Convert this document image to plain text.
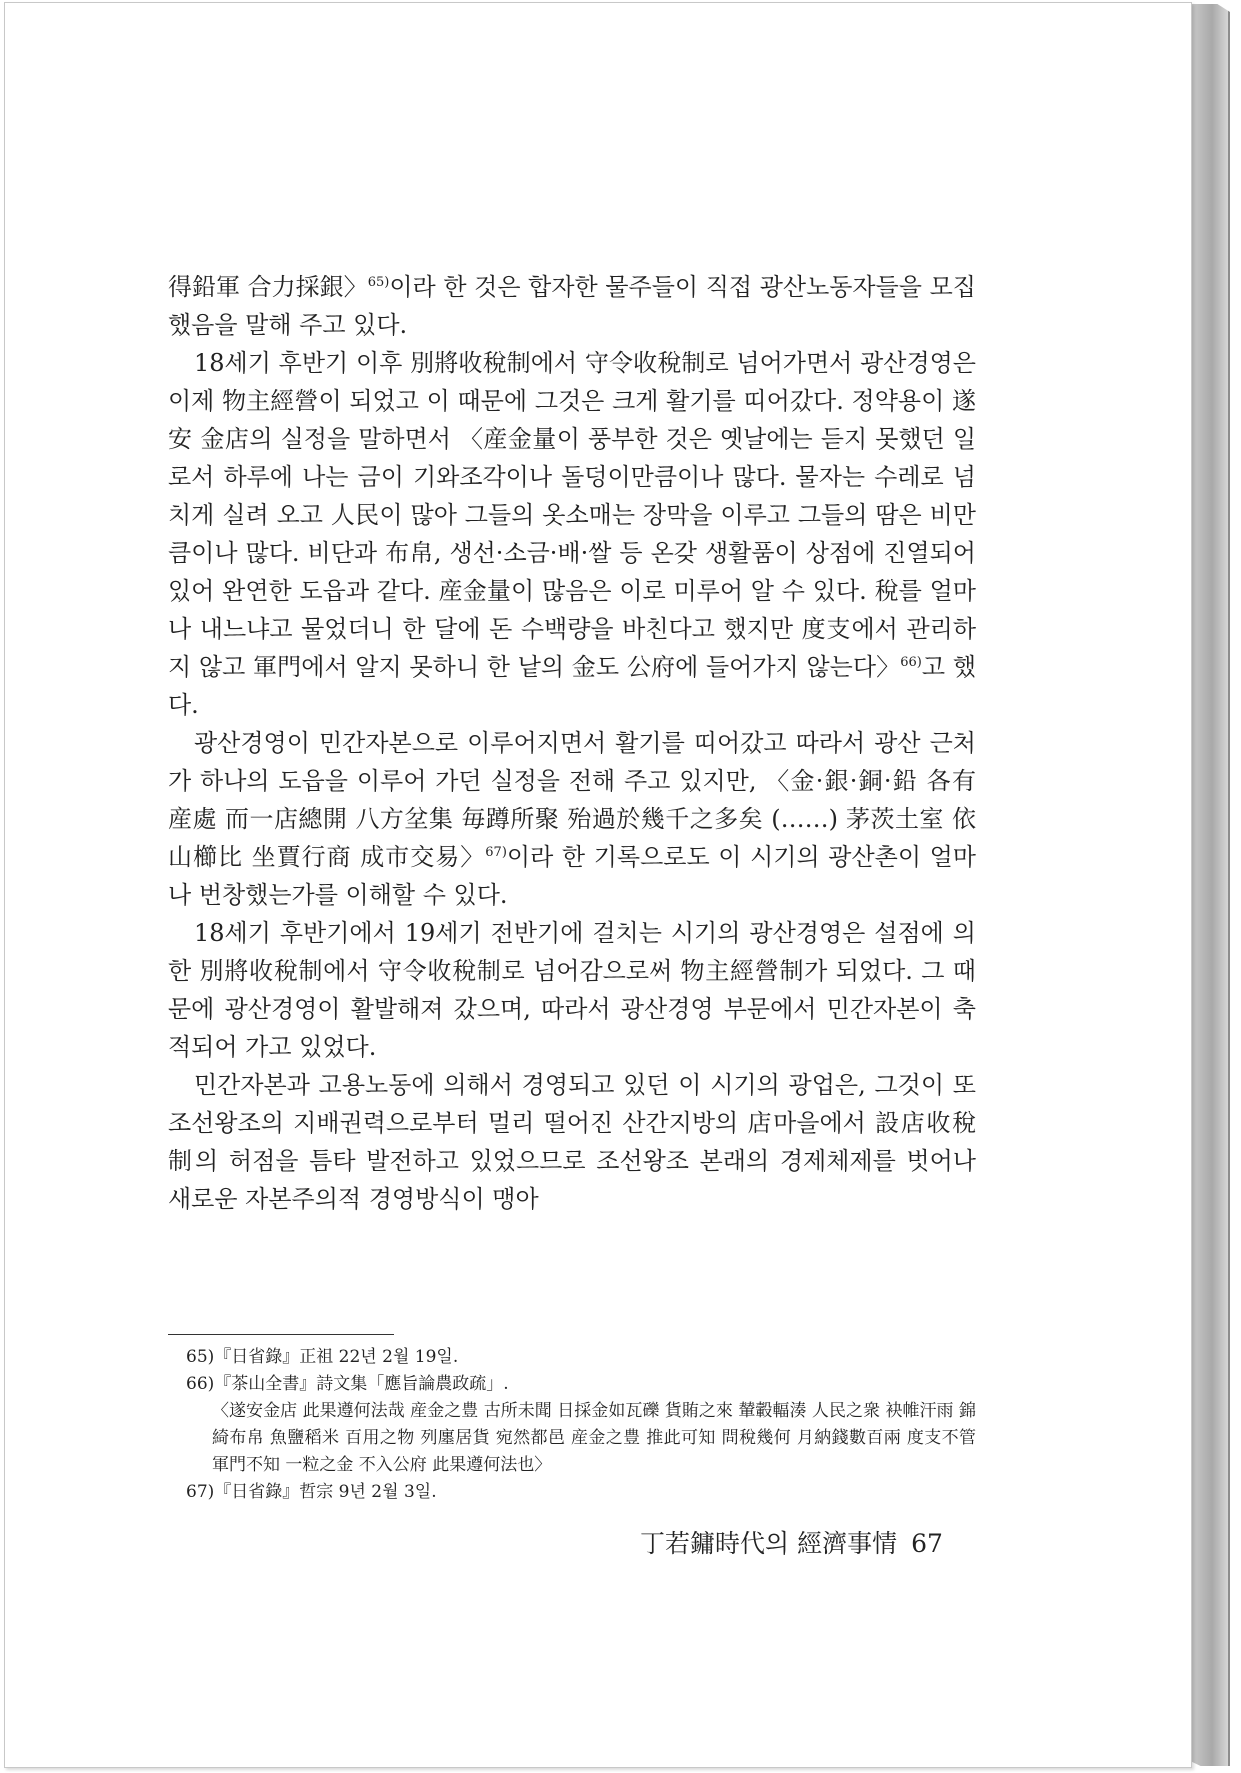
得鉛軍 合力採銀〉$^{65)}$이라 한 것은 합자한 물주들이 직접 광산노동자들을 모집했음을 말해 주고 있다.

18세기 후반기 이후 別將收稅制에서 守令收稅制로 넘어가면서 광산경영은 이제 物主經營이 되었고 이 때문에 그것은 크게 활기를 띠어갔다. 정약용이 遂安 金店의 실정을 말하면서 〈産金量이 풍부한 것은 옛날에는 듣지 못했던 일로서 하루에 나는 금이 기와조각이나 돌덩이만큼이나 많다. 물자는 수레로 넘치게 실려 오고 人民이 많아 그들의 옷소매는 장막을 이루고 그들의 땀은 비만큼이나 많다. 비단과 布帛, 생선·소금·배·쌀 등 온갖 생활품이 상점에 진열되어 있어 완연한 도읍과 같다. 産金量이 많음은 이로 미루어 알 수 있다. 稅를 얼마나 내느냐고 물었더니 한 달에 돈 수백량을 바친다고 했지만 度支에서 관리하지 않고 軍門에서 알지 못하니 한 낱의 金도 公府에 들어가지 않는다〉$^{66)}$고 했다.

광산경영이 민간자본으로 이루어지면서 활기를 띠어갔고 따라서 광산 근처가 하나의 도읍을 이루어 가던 실정을 전해 주고 있지만, 〈金·銀·銅·鉛 各有産處 而一店總開 八方坌集 毎蹲所聚 殆過於幾千之多矣 (……) 茅茨土室 依山櫛比 坐賈行商 成市交易〉$^{67)}$이라 한 기록으로도 이 시기의 광산촌이 얼마나 번창했는가를 이해할 수 있다.

18세기 후반기에서 19세기 전반기에 걸치는 시기의 광산경영은 설점에 의한 別將收稅制에서 守令收稅制로 넘어감으로써 物主經營制가 되었다. 그 때문에 광산경영이 활발해져 갔으며, 따라서 광산경영 부문에서 민간자본이 축적되어 가고 있었다.

민간자본과 고용노동에 의해서 경영되고 있던 이 시기의 광업은, 그것이 또 조선왕조의 지배권력으로부터 멀리 떨어진 산간지방의 店마을에서 設店收稅制의 허점을 틈타 발전하고 있었으므로 조선왕조 본래의 경제체제를 벗어나 새로운 자본주의적 경영방식이 맹아

65)『日省錄』正祖 22년 2월 19일.

66)『茶山全書』詩文集「應旨論農政疏」.

〈遂安金店 此果遵何法哉 産金之豊 古所未聞 日採金如瓦礫 貨賄之來 輦轂輻湊 人民之衆 袂帷汗雨 錦綺布帛 魚鹽稻米 百用之物 列廛居貨 宛然都邑 産金之豊 推此可知 問稅幾何 月納錢數百兩 度支不管 軍門不知 一粒之金 不入公府 此果遵何法也〉

67)『日省錄』哲宗 9년 2월 3일.

丁若鏞時代의 經濟事情 67
